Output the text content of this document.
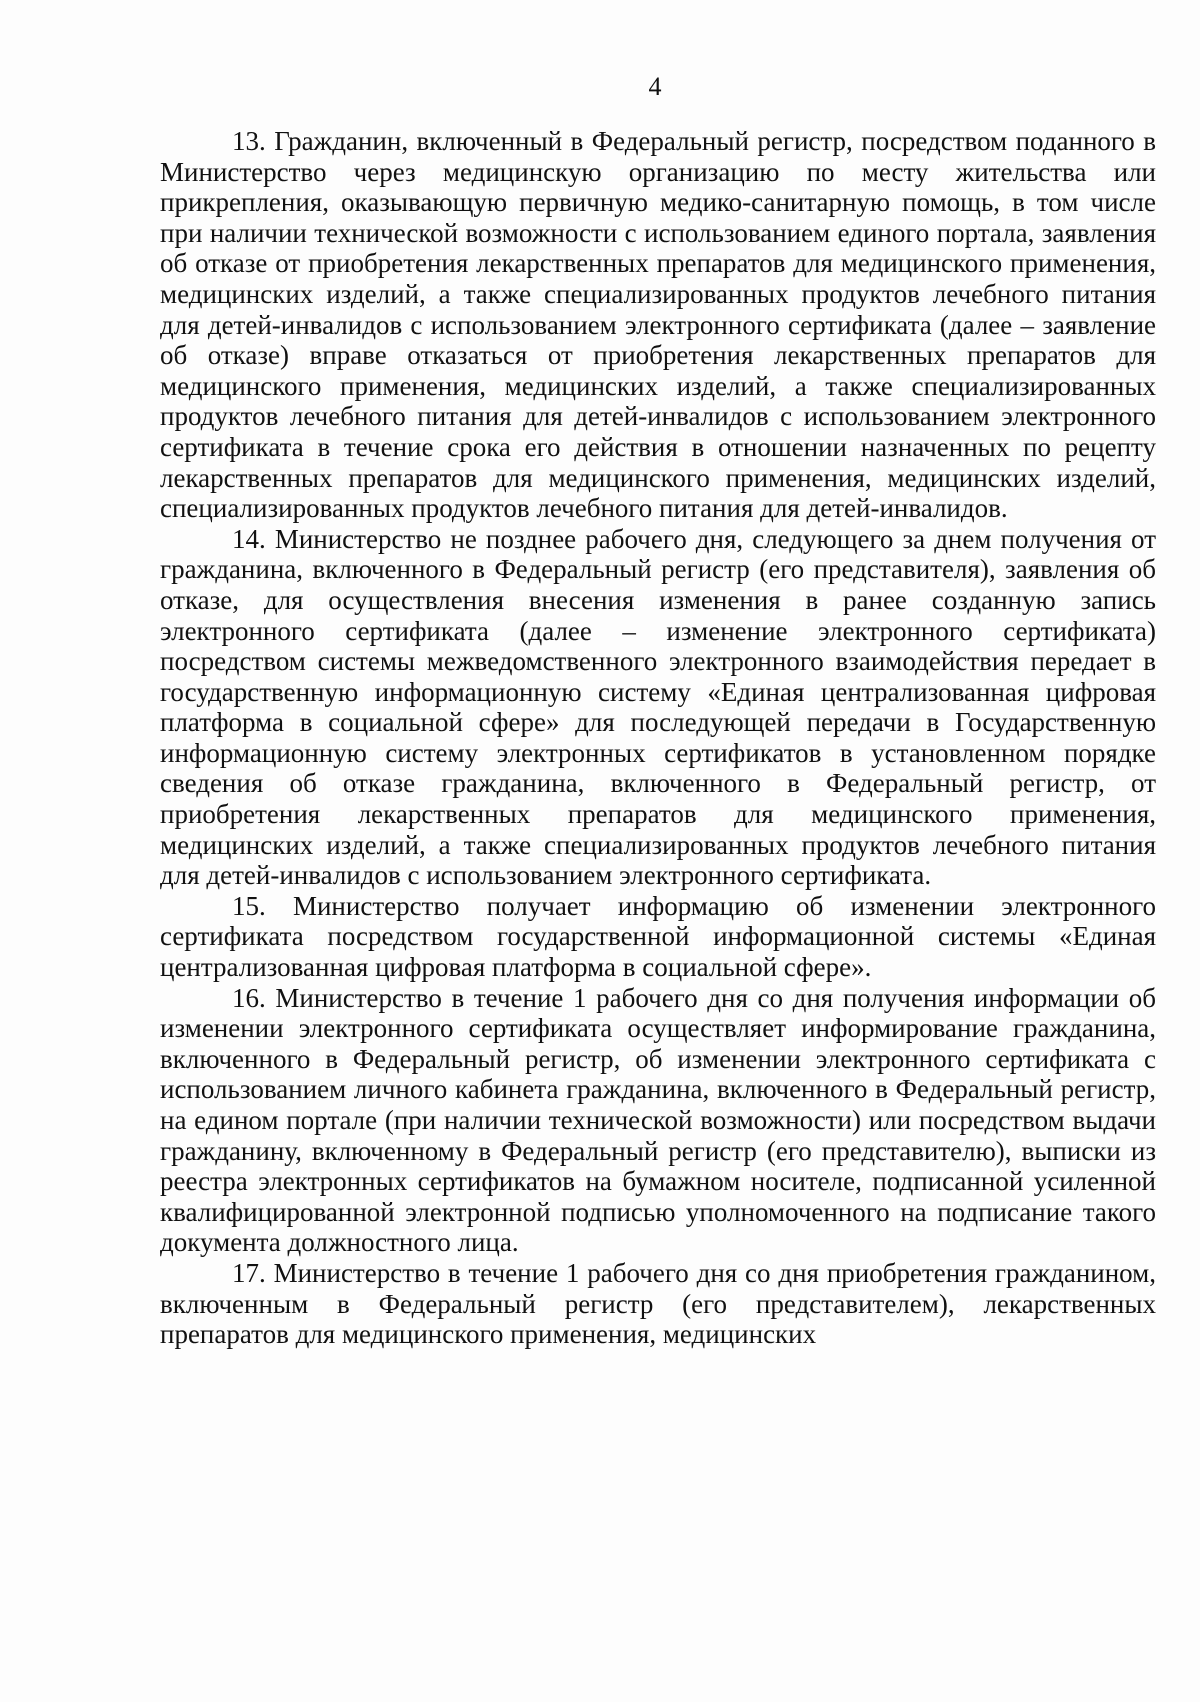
4

13. Гражданин, включенный в Федеральный регистр, посредством поданного в Министерство через медицинскую организацию по месту жительства или прикрепления, оказывающую первичную медико-санитарную помощь, в том числе при наличии технической возможности с использованием единого портала, заявления об отказе от приобретения лекарственных препаратов для медицинского применения, медицинских изделий, а также специализированных продуктов лечебного питания для детей-инвалидов с использованием электронного сертификата (далее – заявление об отказе) вправе отказаться от приобретения лекарственных препаратов для медицинского применения, медицинских изделий, а также специализированных продуктов лечебного питания для детей-инвалидов с использованием электронного сертификата в течение срока его действия в отношении назначенных по рецепту лекарственных препаратов для медицинского применения, медицинских изделий, специализированных продуктов лечебного питания для детей-инвалидов.

14. Министерство не позднее рабочего дня, следующего за днем получения от гражданина, включенного в Федеральный регистр (его представителя), заявления об отказе, для осуществления внесения изменения в ранее созданную запись электронного сертификата (далее – изменение электронного сертификата) посредством системы межведомственного электронного взаимодействия передает в государственную информационную систему «Единая централизованная цифровая платформа в социальной сфере» для последующей передачи в Государственную информационную систему электронных сертификатов в установленном порядке сведения об отказе гражданина, включенного в Федеральный регистр, от приобретения лекарственных препаратов для медицинского применения, медицинских изделий, а также специализированных продуктов лечебного питания для детей-инвалидов с использованием электронного сертификата.

15. Министерство получает информацию об изменении электронного сертификата посредством государственной информационной системы «Единая централизованная цифровая платформа в социальной сфере».

16. Министерство в течение 1 рабочего дня со дня получения информации об изменении электронного сертификата осуществляет информирование гражданина, включенного в Федеральный регистр, об изменении электронного сертификата с использованием личного кабинета гражданина, включенного в Федеральный регистр, на едином портале (при наличии технической возможности) или посредством выдачи гражданину, включенному в Федеральный регистр (его представителю), выписки из реестра электронных сертификатов на бумажном носителе, подписанной усиленной квалифицированной электронной подписью уполномоченного на подписание такого документа должностного лица.

17. Министерство в течение 1 рабочего дня со дня приобретения гражданином, включенным в Федеральный регистр (его представителем), лекарственных препаратов для медицинского применения, медицинских
